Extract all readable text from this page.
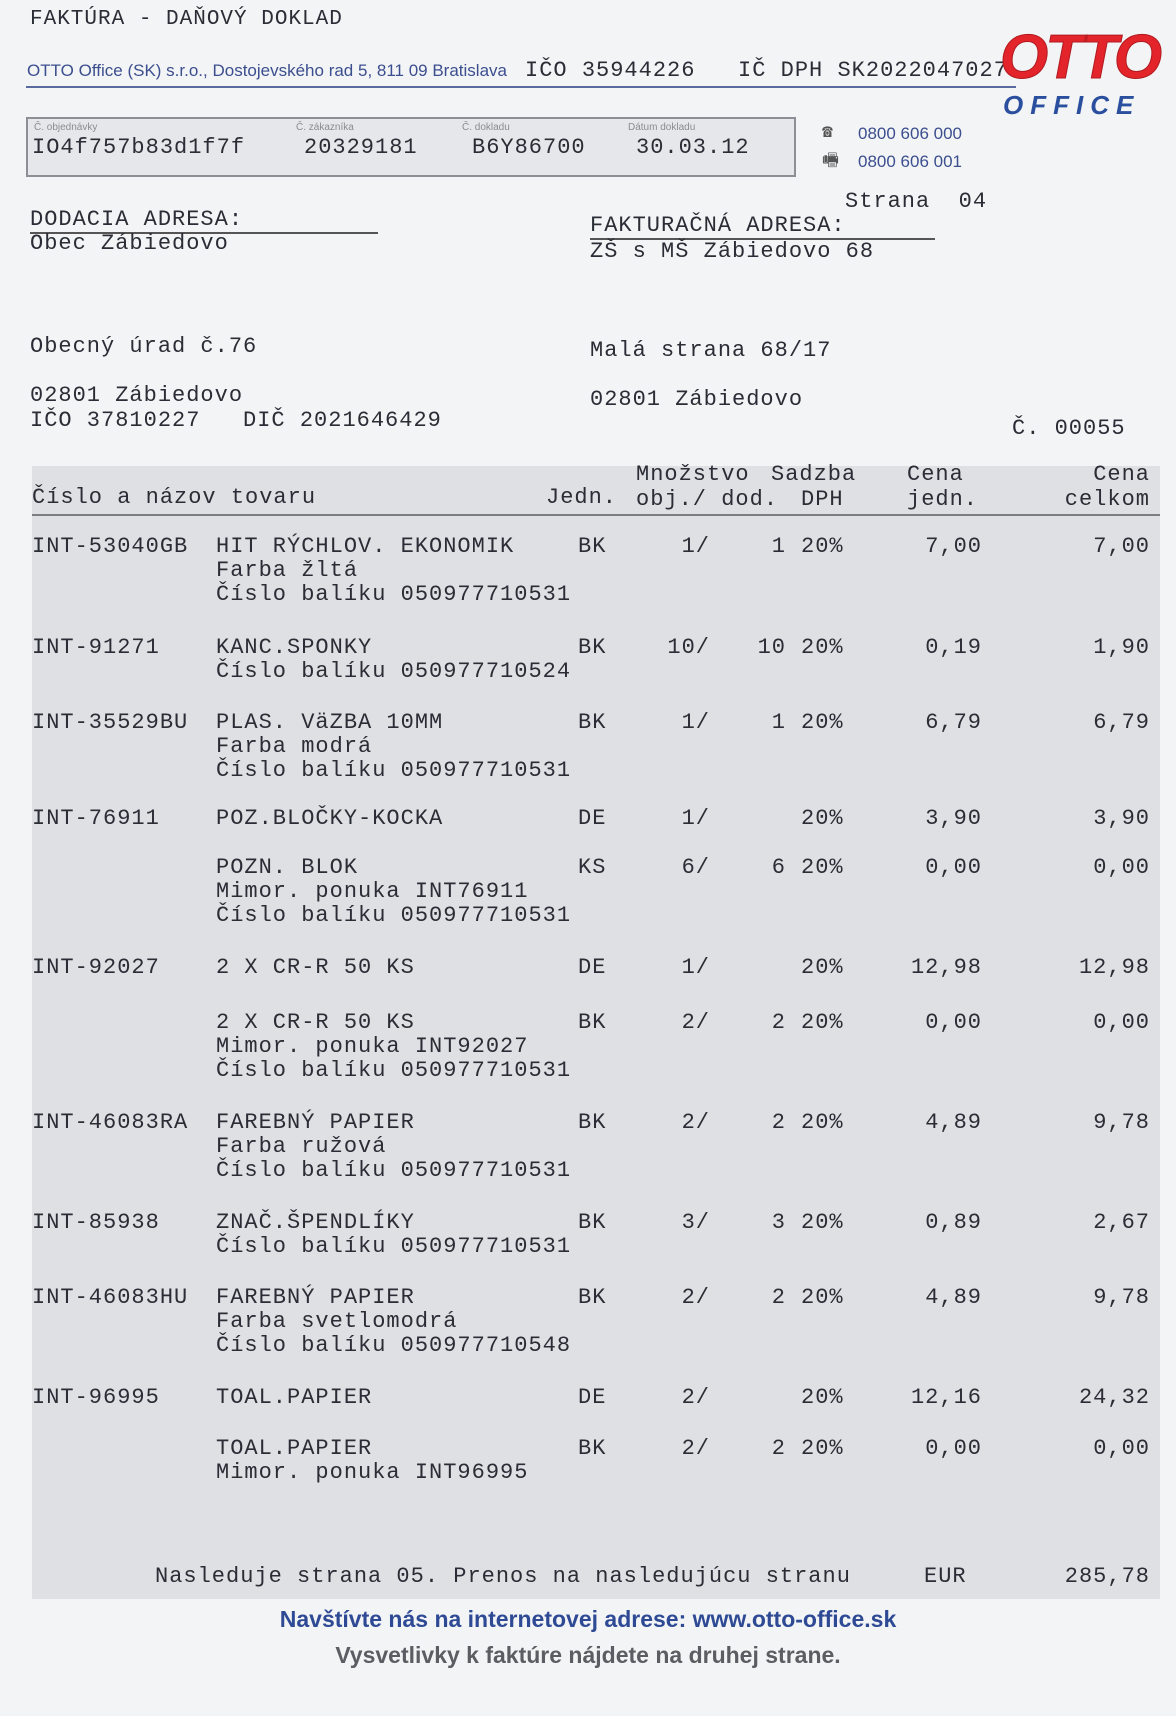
FAKTÚRA - DAŇOVÝ DOKLAD
OTTO Office (SK) s.r.o., Dostojevského rad 5, 811 09 Bratislava IČO 35944226 IČ DPH SK2022047027
OTTO
OFFICE
Č. objednávky
IO4f757b83d1f7f
Č. zákazníka
20329181
Č. dokladu
B6Y86700
Dátum dokladu
30.03.12
☎ 0800 606 000
🖷 0800 606 001
Strana 04
DODACIA ADRESA:
Obec Zábiedovo
Obecný úrad č.76
02801 Zábiedovo
IČO 37810227   DIČ 2021646429
FAKTURAČNÁ ADRESA:
ZŠ s MŠ Zábiedovo 68
Malá strana 68/17
02801 Zábiedovo
Č. 00055
Číslo a názov tovaru	Jedn.
Množstvo
obj./ dod.
Sadzba
DPH
Cena
jedn.
Cena
celkom
INT-53040GB HIT RÝCHLOV. EKONOMIK	BK	1/	1 20%	7,00	7,00
Farba žltá
Číslo balíku 050977710531
INT-91271	KANC.SPONKY	BK	10/	10 20%	0,19	1,90
Číslo balíku 050977710524
INT-35529BU PLAS. VäZBA 10MM	BK	1/	1 20%	6,79	6,79
Farba modrá
Číslo balíku 050977710531
INT-76911	POZ.BLOČKY-KOCKA	DE	1/	20%	3,90	3,90
POZN. BLOK	KS	6/	6 20%	0,00	0,00
Mimor. ponuka INT76911
Číslo balíku 050977710531
INT-92027	2 X CR-R 50 KS	DE	1/	20%	12,98	12,98
2 X CR-R 50 KS	BK	2/	2 20%	0,00	0,00
Mimor. ponuka INT92027
Číslo balíku 050977710531
INT-46083RA FAREBNÝ PAPIER	BK	2/	2 20%	4,89	9,78
Farba ružová
Číslo balíku 050977710531
INT-85938	ZNAČ.ŠPENDLÍKY	BK	3/	3 20%	0,89	2,67
Číslo balíku 050977710531
INT-46083HU FAREBNÝ PAPIER	BK	2/	2 20%	4,89	9,78
Farba svetlomodrá
Číslo balíku 050977710548
INT-96995	TOAL.PAPIER	DE	2/	20%	12,16	24,32
TOAL.PAPIER	BK	2/	2 20%	0,00	0,00
Mimor. ponuka INT96995
Nasleduje strana 05. Prenos na nasledujúcu stranu	EUR	285,78
Navštívte nás na internetovej adrese: www.otto-office.sk
Vysvetlivky k faktúre nájdete na druhej strane.
